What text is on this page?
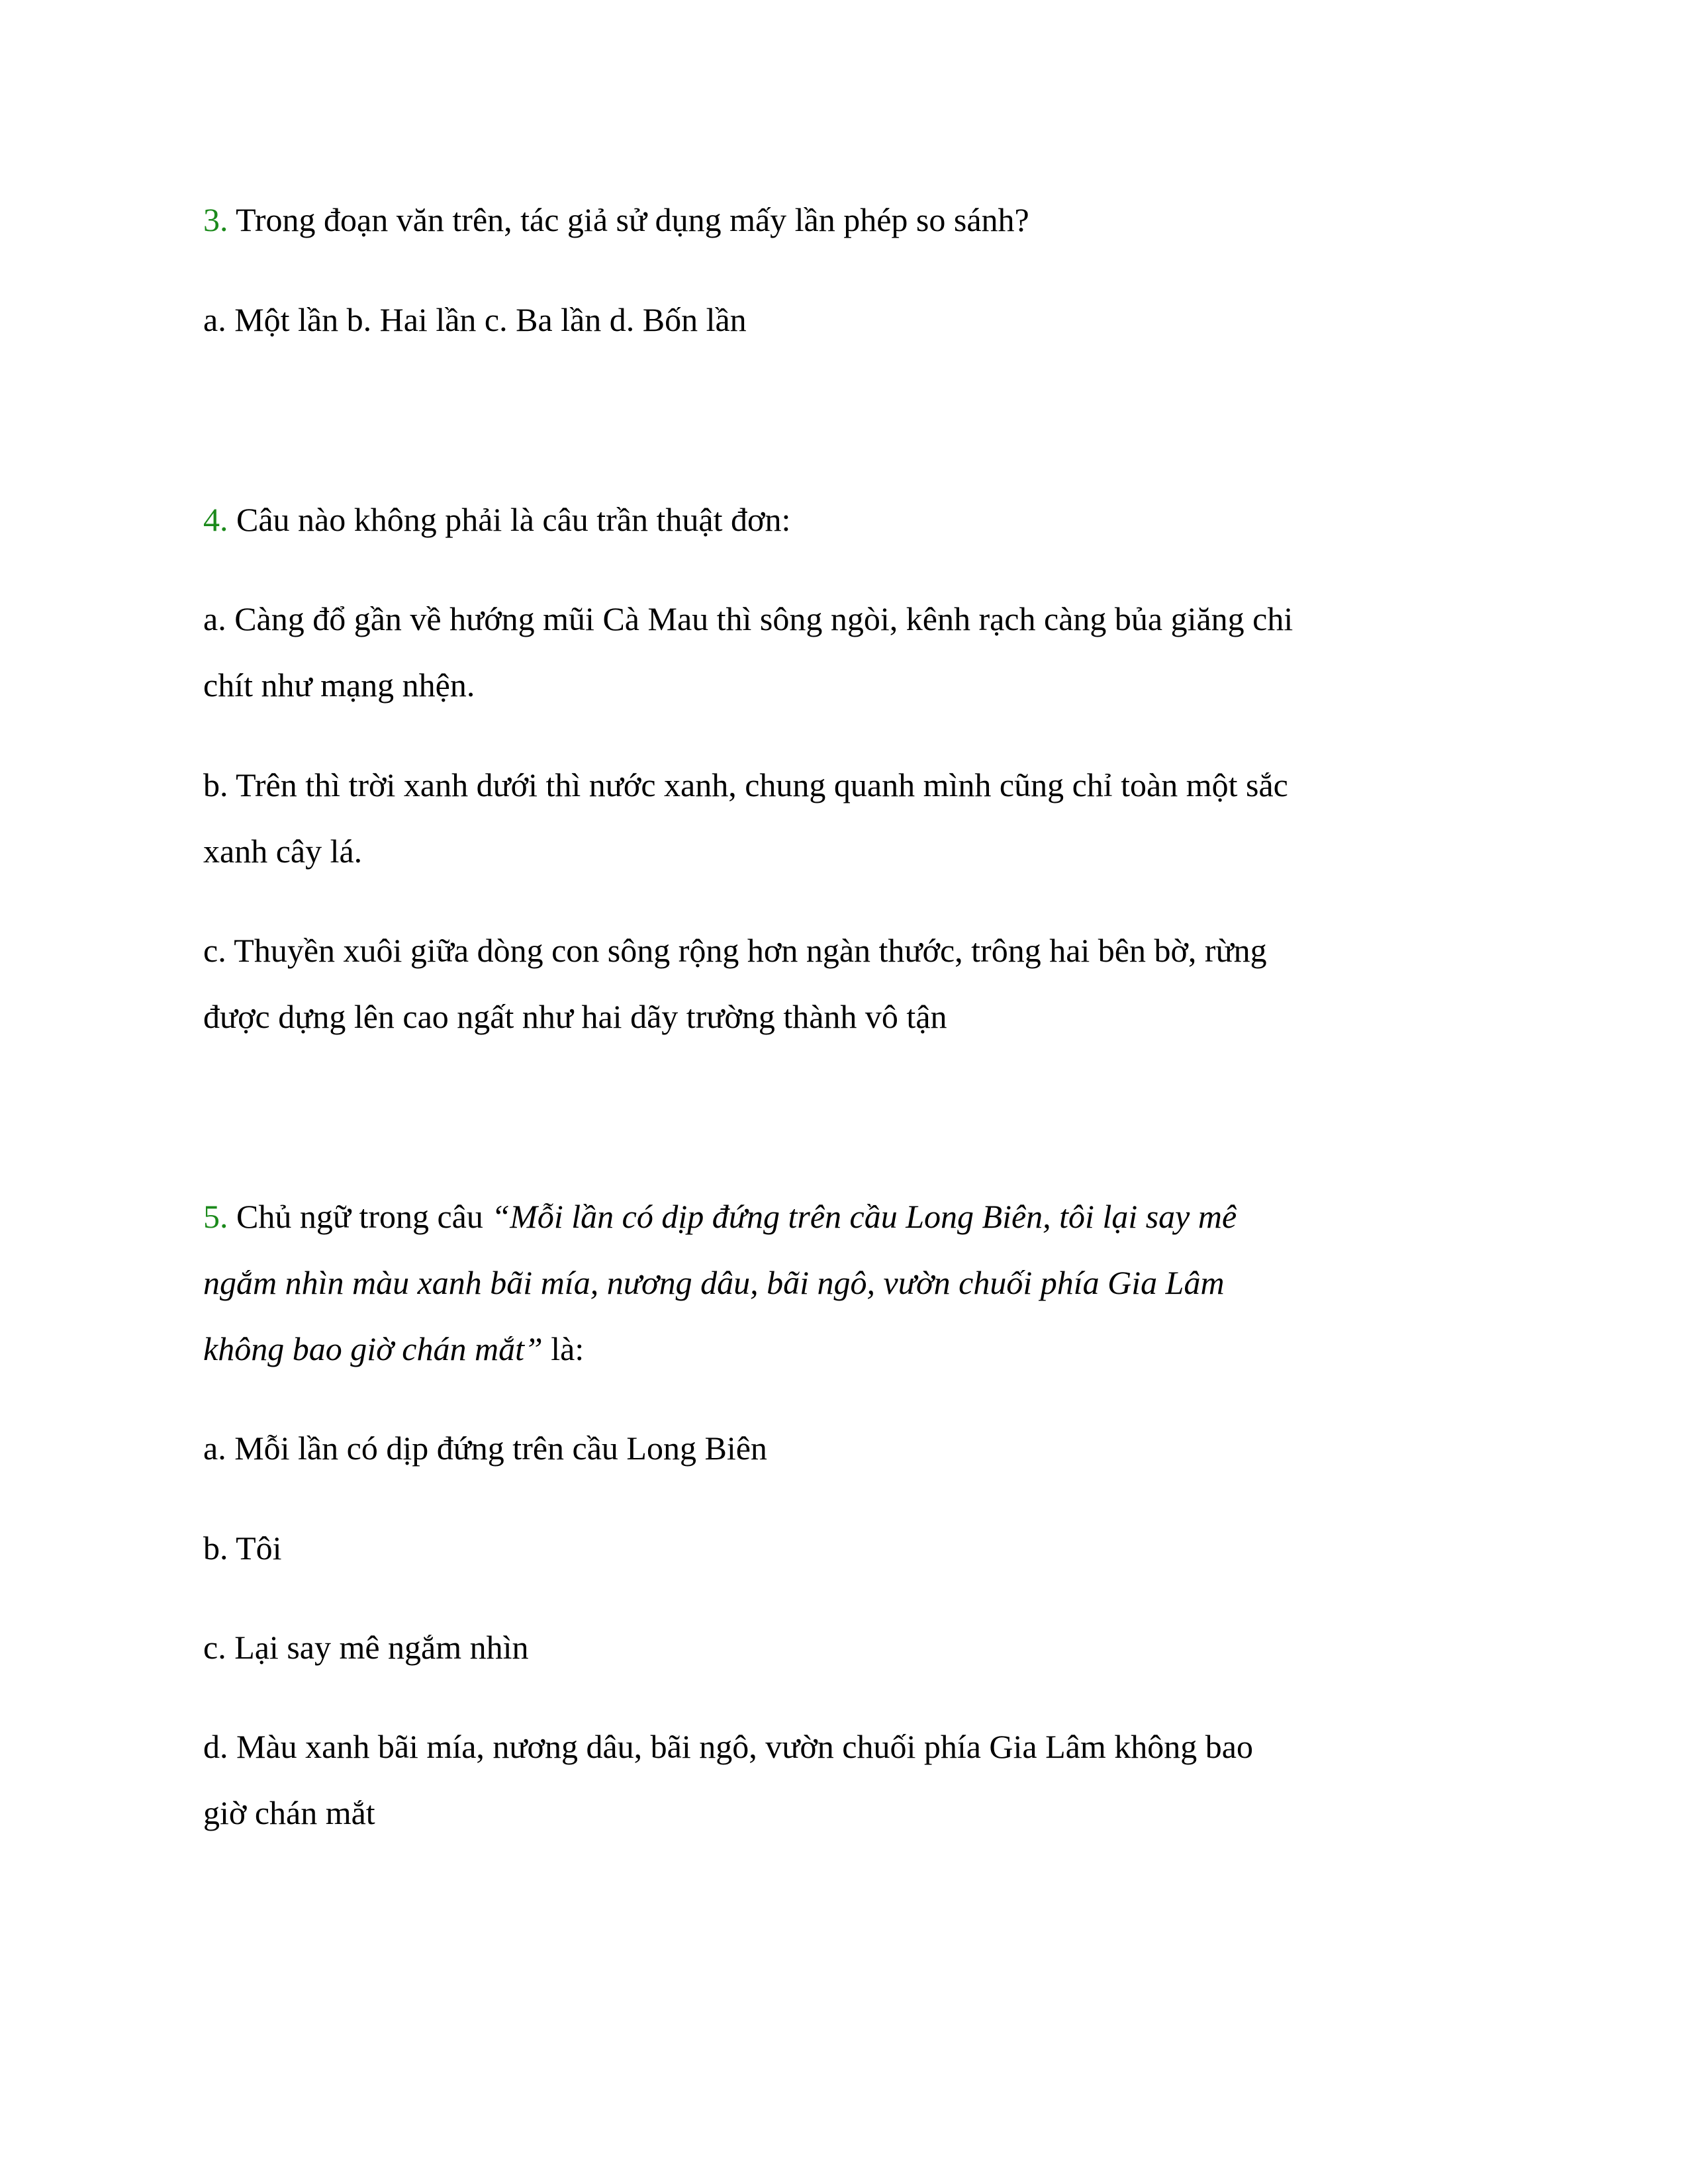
3. Trong đoạn văn trên, tác giả sử dụng mấy lần phép so sánh?
a. Một lần b. Hai lần c. Ba lần d. Bốn lần
4. Câu nào không phải là câu trần thuật đơn:
a. Càng đổ gần về hướng mũi Cà Mau thì sông ngòi, kênh rạch càng bủa giăng chi
chít như mạng nhện.
b. Trên thì trời xanh dưới thì nước xanh, chung quanh mình cũng chỉ toàn một sắc
xanh cây lá.
c. Thuyền xuôi giữa dòng con sông rộng hơn ngàn thước, trông hai bên bờ, rừng
được dựng lên cao ngất như hai dãy trường thành vô tận
5. Chủ ngữ trong câu “Mỗi lần có dịp đứng trên cầu Long Biên, tôi lại say mê
ngắm nhìn màu xanh bãi mía, nương dâu, bãi ngô, vườn chuối phía Gia Lâm
không bao giờ chán mắt” là:
a. Mỗi lần có dịp đứng trên cầu Long Biên
b. Tôi
c. Lại say mê ngắm nhìn
d. Màu xanh bãi mía, nương dâu, bãi ngô, vườn chuối phía Gia Lâm không bao
giờ chán mắt
